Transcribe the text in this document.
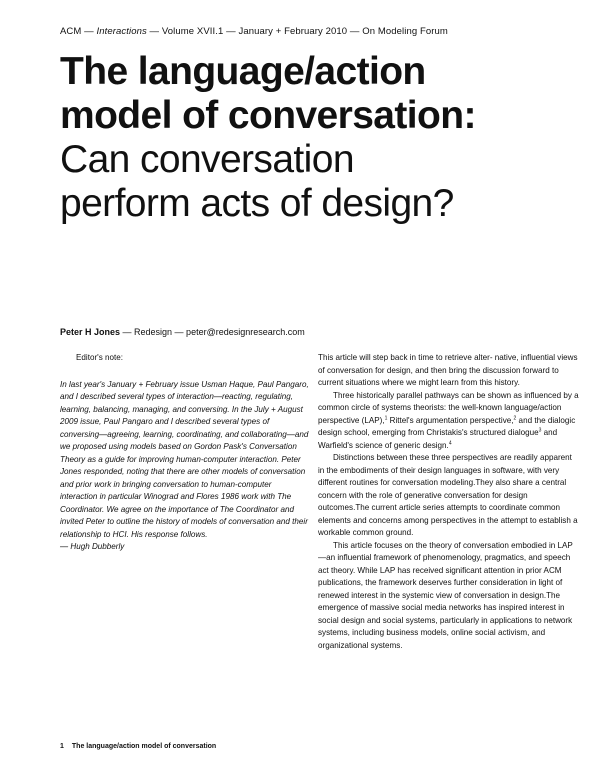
ACM — Interactions — Volume XVII.1 — January + February 2010 — On Modeling Forum
The language/action
model of conversation:
Can conversation
perform acts of design?
Peter H Jones — Redesign — peter@redesignresearch.com
Editor's note:

In last year's January + February issue Usman Haque, Paul Pangaro, and I described several types of interaction—reacting, regulating, learning, balancing, managing, and conversing. In the July + August 2009 issue, Paul Pangaro and I described several types of conversing—agreeing, learning, coordinating, and collaborating—and we proposed using models based on Gordon Pask's Conversation Theory as a guide for improving human-computer interaction. Peter Jones responded, noting that there are other models of conversation and prior work in bringing conversation to human-computer interaction in particular Winograd and Flores 1986 work with The Coordinator. We agree on the importance of The Coordinator and invited Peter to outline the history of models of conversation and their relationship to HCI. His response follows.
— Hugh Dubberly

This article will step back in time to retrieve alter- native, influential views of conversation for design, and then bring the discussion forward to current situations where we might learn from this history.

Three historically parallel pathways can be shown as influenced by a common circle of systems theorists: the well-known language/action perspective (LAP),$^1$ Rittel's argumentation perspective,$^2$ and the dialogic design school, emerging from Christakis's structured dialogue$^3$ and Warfield's science of generic design.$^4$

Distinctions between these three perspectives are readily apparent in the embodiments of their design languages in software, with very different routines for conversation modeling.They also share a central concern with the role of generative conversation for design outcomes.The current article series attempts to coordinate common elements and concerns among perspectives in the attempt to establish a workable common ground.

This article focuses on the theory of conversation embodied in LAP—an influential framework of phenomenology, pragmatics, and speech act theory. While LAP has received significant attention in prior ACM publications, the framework deserves further consideration in light of renewed interest in the systemic view of conversation in design.The emergence of massive social media networks has inspired interest in social design and social systems, particularly in applications to network systems, including business models, online social activism, and organizational systems.

1 The language/action model of conversation
